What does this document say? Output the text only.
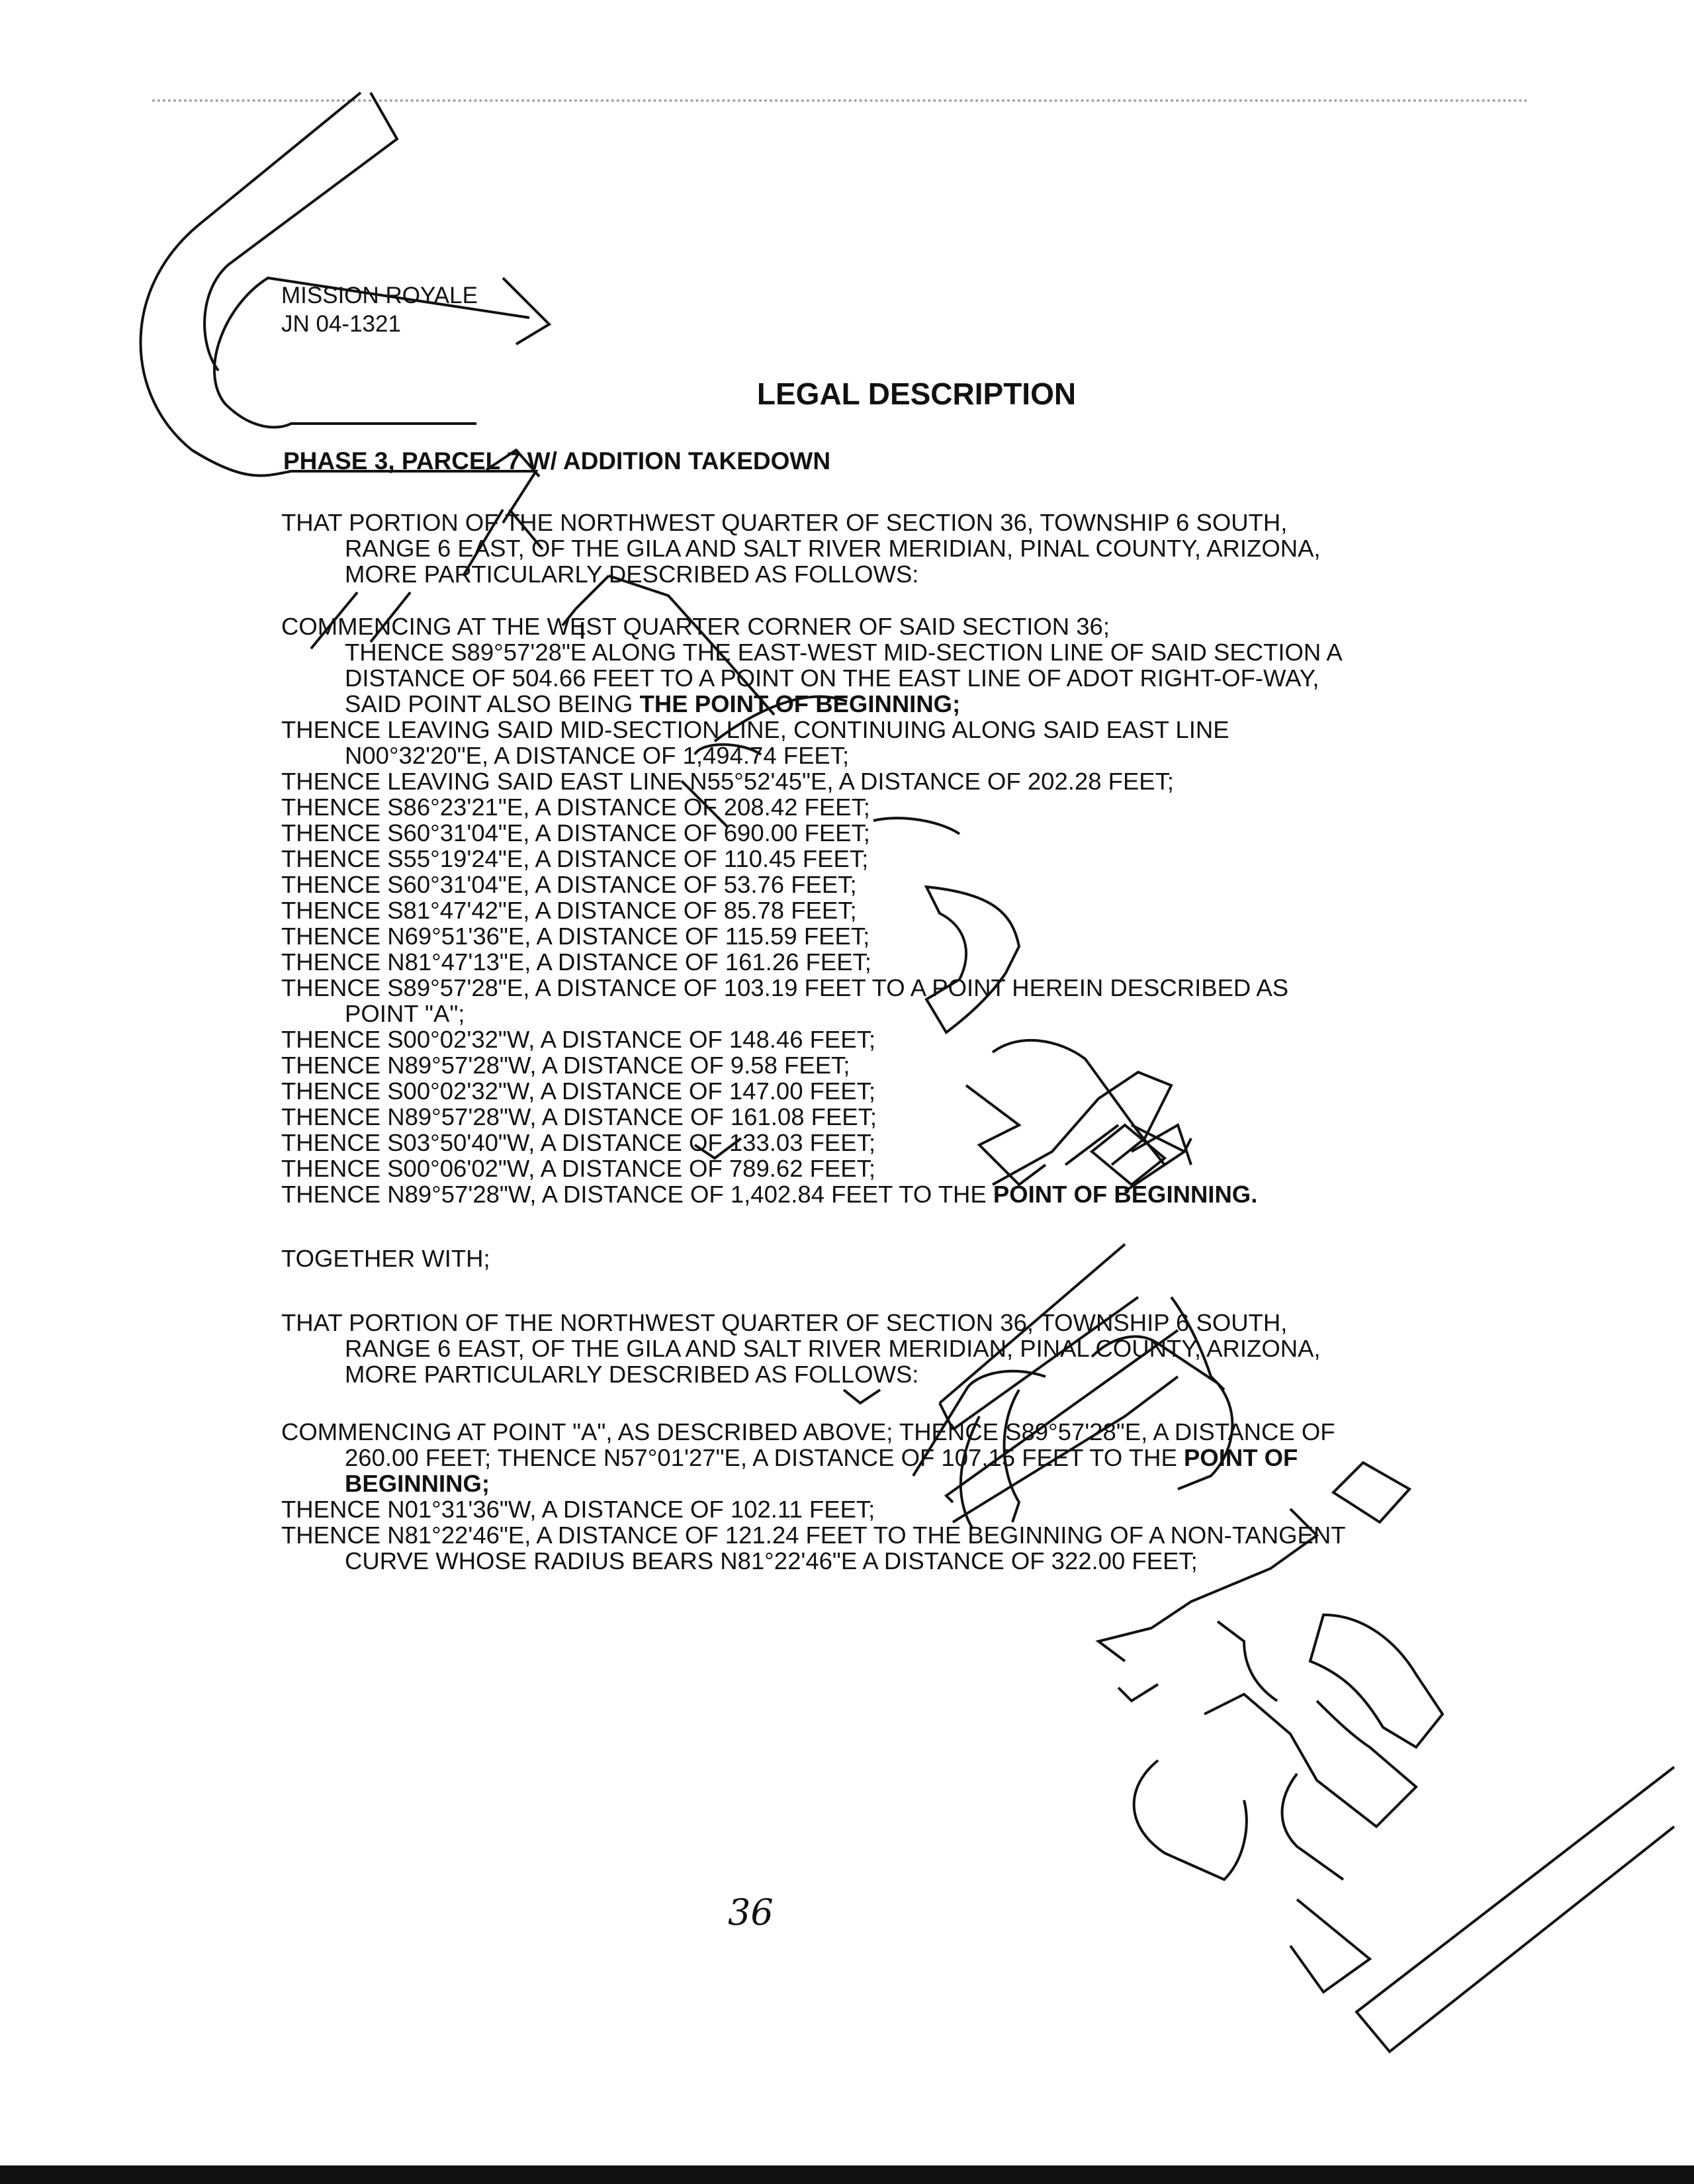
MISSION ROYALE
JN 04-1321
LEGAL DESCRIPTION
PHASE 3, PARCEL 7 W/ ADDITION TAKEDOWN

THAT PORTION OF THE NORTHWEST QUARTER OF SECTION 36, TOWNSHIP 6 SOUTH, RANGE 6 EAST, OF THE GILA AND SALT RIVER MERIDIAN, PINAL COUNTY, ARIZONA, MORE PARTICULARLY DESCRIBED AS FOLLOWS:

COMMENCING AT THE WEST QUARTER CORNER OF SAID SECTION 36;

THENCE S89°57'28"E ALONG THE EAST-WEST MID-SECTION LINE OF SAID SECTION A DISTANCE OF 504.66 FEET TO A POINT ON THE EAST LINE OF ADOT RIGHT-OF-WAY, SAID POINT ALSO BEING THE POINT OF BEGINNING;

THENCE LEAVING SAID MID-SECTION LINE, CONTINUING ALONG SAID EAST LINE N00°32'20"E, A DISTANCE OF 1,494.74 FEET;

THENCE LEAVING SAID EAST LINE N55°52'45"E, A DISTANCE OF 202.28 FEET;

THENCE S86°23'21"E, A DISTANCE OF 208.42 FEET;

THENCE S60°31'04"E, A DISTANCE OF 690.00 FEET;

THENCE S55°19'24"E, A DISTANCE OF 110.45 FEET;

THENCE S60°31'04"E, A DISTANCE OF 53.76 FEET;

THENCE S81°47'42"E, A DISTANCE OF 85.78 FEET;

THENCE N69°51'36"E, A DISTANCE OF 115.59 FEET;

THENCE N81°47'13"E, A DISTANCE OF 161.26 FEET;

THENCE S89°57'28"E, A DISTANCE OF 103.19 FEET TO A POINT HEREIN DESCRIBED AS POINT "A";

THENCE S00°02'32"W, A DISTANCE OF 148.46 FEET;

THENCE N89°57'28"W, A DISTANCE OF 9.58 FEET;

THENCE S00°02'32"W, A DISTANCE OF 147.00 FEET;

THENCE N89°57'28"W, A DISTANCE OF 161.08 FEET;

THENCE S03°50'40"W, A DISTANCE OF 133.03 FEET;

THENCE S00°06'02"W, A DISTANCE OF 789.62 FEET;

THENCE N89°57'28"W, A DISTANCE OF 1,402.84 FEET TO THE POINT OF BEGINNING.

TOGETHER WITH;

THAT PORTION OF THE NORTHWEST QUARTER OF SECTION 36, TOWNSHIP 6 SOUTH, RANGE 6 EAST, OF THE GILA AND SALT RIVER MERIDIAN, PINAL COUNTY, ARIZONA, MORE PARTICULARLY DESCRIBED AS FOLLOWS:

COMMENCING AT POINT "A", AS DESCRIBED ABOVE; THENCE S89°57'28"E, A DISTANCE OF 260.00 FEET; THENCE N57°01'27"E, A DISTANCE OF 107.15 FEET TO THE POINT OF BEGINNING;

THENCE N01°31'36"W, A DISTANCE OF 102.11 FEET;

THENCE N81°22'46"E, A DISTANCE OF 121.24 FEET TO THE BEGINNING OF A NON-TANGENT CURVE WHOSE RADIUS BEARS N81°22'46"E A DISTANCE OF 322.00 FEET;

36
